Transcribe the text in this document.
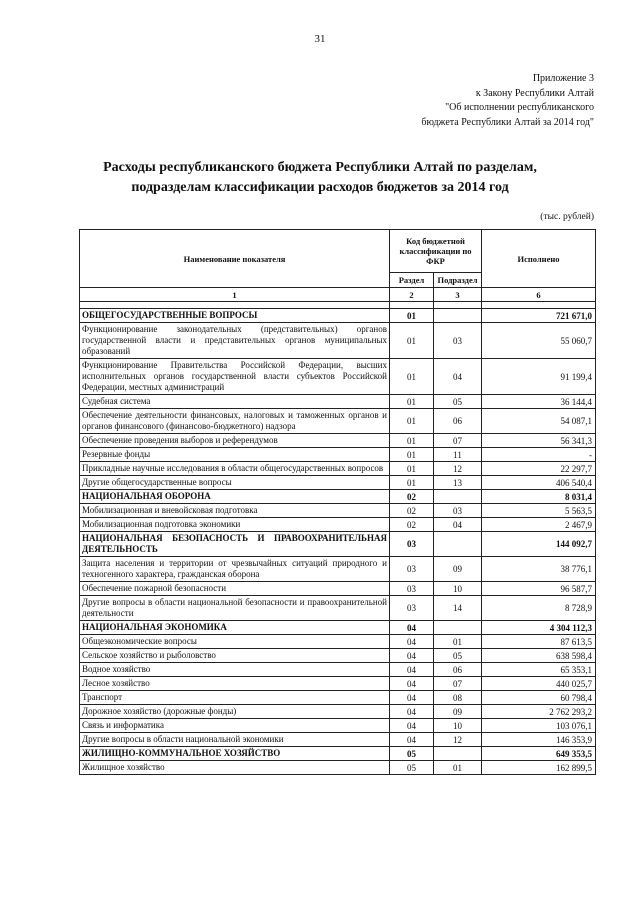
31
Приложение 3
к Закону Республики Алтай
"Об исполнении республиканского
бюджета Республики Алтай за 2014 год"
Расходы республиканского бюджета Республики Алтай по разделам,
подразделам классификации расходов бюджетов за 2014 год
(тыс. рублей)
Наименование показателя	Код бюджетной классификации по ФКР		Исполнено
	Раздел	Подраздел	
1	2	3	6

ОБЩЕГОСУДАРСТВЕННЫЕ ВОПРОСЫ	01		721 671,0
Функционирование законодательных (представительных) органов государственной власти и представительных органов муниципальных образований	01	03	55 060,7
Функционирование Правительства Российской Федерации, высших исполнительных органов государственной власти субъектов Российской Федерации, местных администраций	01	04	91 199,4
Судебная система	01	05	36 144,4
Обеспечение деятельности финансовых, налоговых и таможенных органов и органов финансового (финансово-бюджетного) надзора	01	06	54 087,1
Обеспечение проведения выборов и референдумов	01	07	56 341,3
Резервные фонды	01	11	-
Прикладные научные исследования в области общегосударственных вопросов	01	12	22 297,7
Другие общегосударственные вопросы	01	13	406 540,4
НАЦИОНАЛЬНАЯ ОБОРОНА	02		8 031,4
Мобилизационная и вневойсковая подготовка	02	03	5 563,5
Мобилизационная подготовка экономики	02	04	2 467,9
НАЦИОНАЛЬНАЯ БЕЗОПАСНОСТЬ И ПРАВООХРАНИТЕЛЬНАЯ ДЕЯТЕЛЬНОСТЬ	03		144 092,7
Защита населения и территории от чрезвычайных ситуаций природного и техногенного характера, гражданская оборона	03	09	38 776,1
Обеспечение пожарной безопасности	03	10	96 587,7
Другие вопросы в области национальной безопасности и правоохранительной деятельности	03	14	8 728,9
НАЦИОНАЛЬНАЯ ЭКОНОМИКА	04		4 304 112,3
Общеэкономические вопросы	04	01	87 613,5
Сельское хозяйство и рыболовство	04	05	638 598,4
Водное хозяйство	04	06	65 353,1
Лесное хозяйство	04	07	440 025,7
Транспорт	04	08	60 798,4
Дорожное хозяйство (дорожные фонды)	04	09	2 762 293,2
Связь и информатика	04	10	103 076,1
Другие вопросы в области национальной экономики	04	12	146 353,9
ЖИЛИЩНО-КОММУНАЛЬНОЕ ХОЗЯЙСТВО	05		649 353,5
Жилищное хозяйство	05	01	162 899,5
